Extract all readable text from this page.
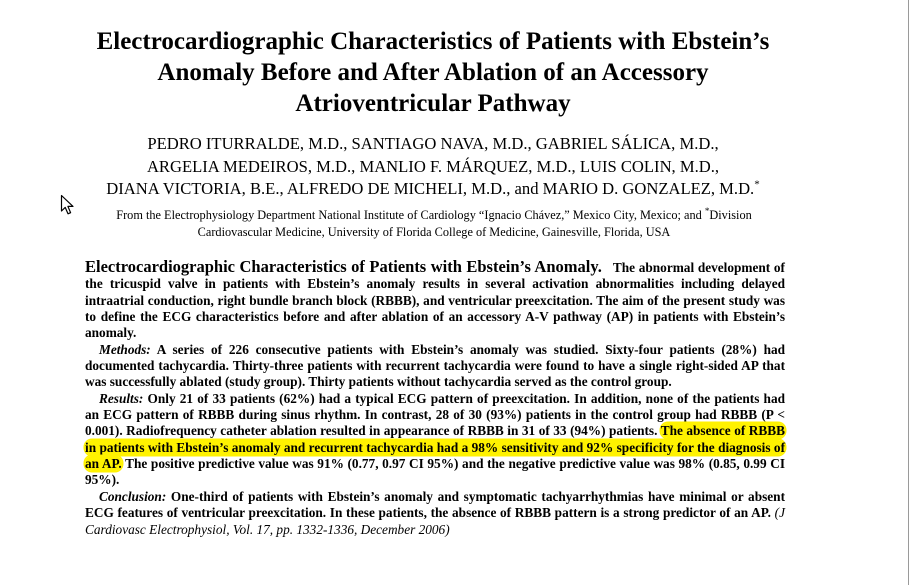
Electrocardiographic Characteristics of Patients with Ebstein’s
Anomaly Before and After Ablation of an Accessory
Atrioventricular Pathway
PEDRO ITURRALDE, M.D., SANTIAGO NAVA, M.D., GABRIEL SÁLICA, M.D.,
ARGELIA MEDEIROS, M.D., MANLIO F. MÁRQUEZ, M.D., LUIS COLIN, M.D.,
DIANA VICTORIA, B.E., ALFREDO DE MICHELI, M.D., and MARIO D. GONZALEZ, M.D.*
From the Electrophysiology Department National Institute of Cardiology “Ignacio Chávez,” Mexico City, Mexico; and *Division
Cardiovascular Medicine, University of Florida College of Medicine, Gainesville, Florida, USA

Electrocardiographic Characteristics of Patients with Ebstein’s Anomaly. The abnormal development of the tricuspid valve in patients with Ebstein’s anomaly results in several activation abnormalities including delayed intraatrial conduction, right bundle branch block (RBBB), and ventricular preexcitation. The aim of the present study was to define the ECG characteristics before and after ablation of an accessory A-V pathway (AP) in patients with Ebstein’s anomaly.

Methods: A series of 226 consecutive patients with Ebstein’s anomaly was studied. Sixty-four patients (28%) had documented tachycardia. Thirty-three patients with recurrent tachycardia were found to have a single right-sided AP that was successfully ablated (study group). Thirty patients without tachycardia served as the control group.

Results: Only 21 of 33 patients (62%) had a typical ECG pattern of preexcitation. In addition, none of the patients had an ECG pattern of RBBB during sinus rhythm. In contrast, 28 of 30 (93%) patients in the control group had RBBB (P < 0.001). Radiofrequency catheter ablation resulted in appearance of RBBB in 31 of 33 (94%) patients. The absence of RBBB in patients with Ebstein’s anomaly and recurrent tachycardia had a 98% sensitivity and 92% specificity for the diagnosis of an AP. The positive predictive value was 91% (0.77, 0.97 CI 95%) and the negative predictive value was 98% (0.85, 0.99 CI 95%).

Conclusion: One-third of patients with Ebstein’s anomaly and symptomatic tachyarrhythmias have minimal or absent ECG features of ventricular preexcitation. In these patients, the absence of RBBB pattern is a strong predictor of an AP. (J Cardiovasc Electrophysiol, Vol. 17, pp. 1332-1336, December 2006)
